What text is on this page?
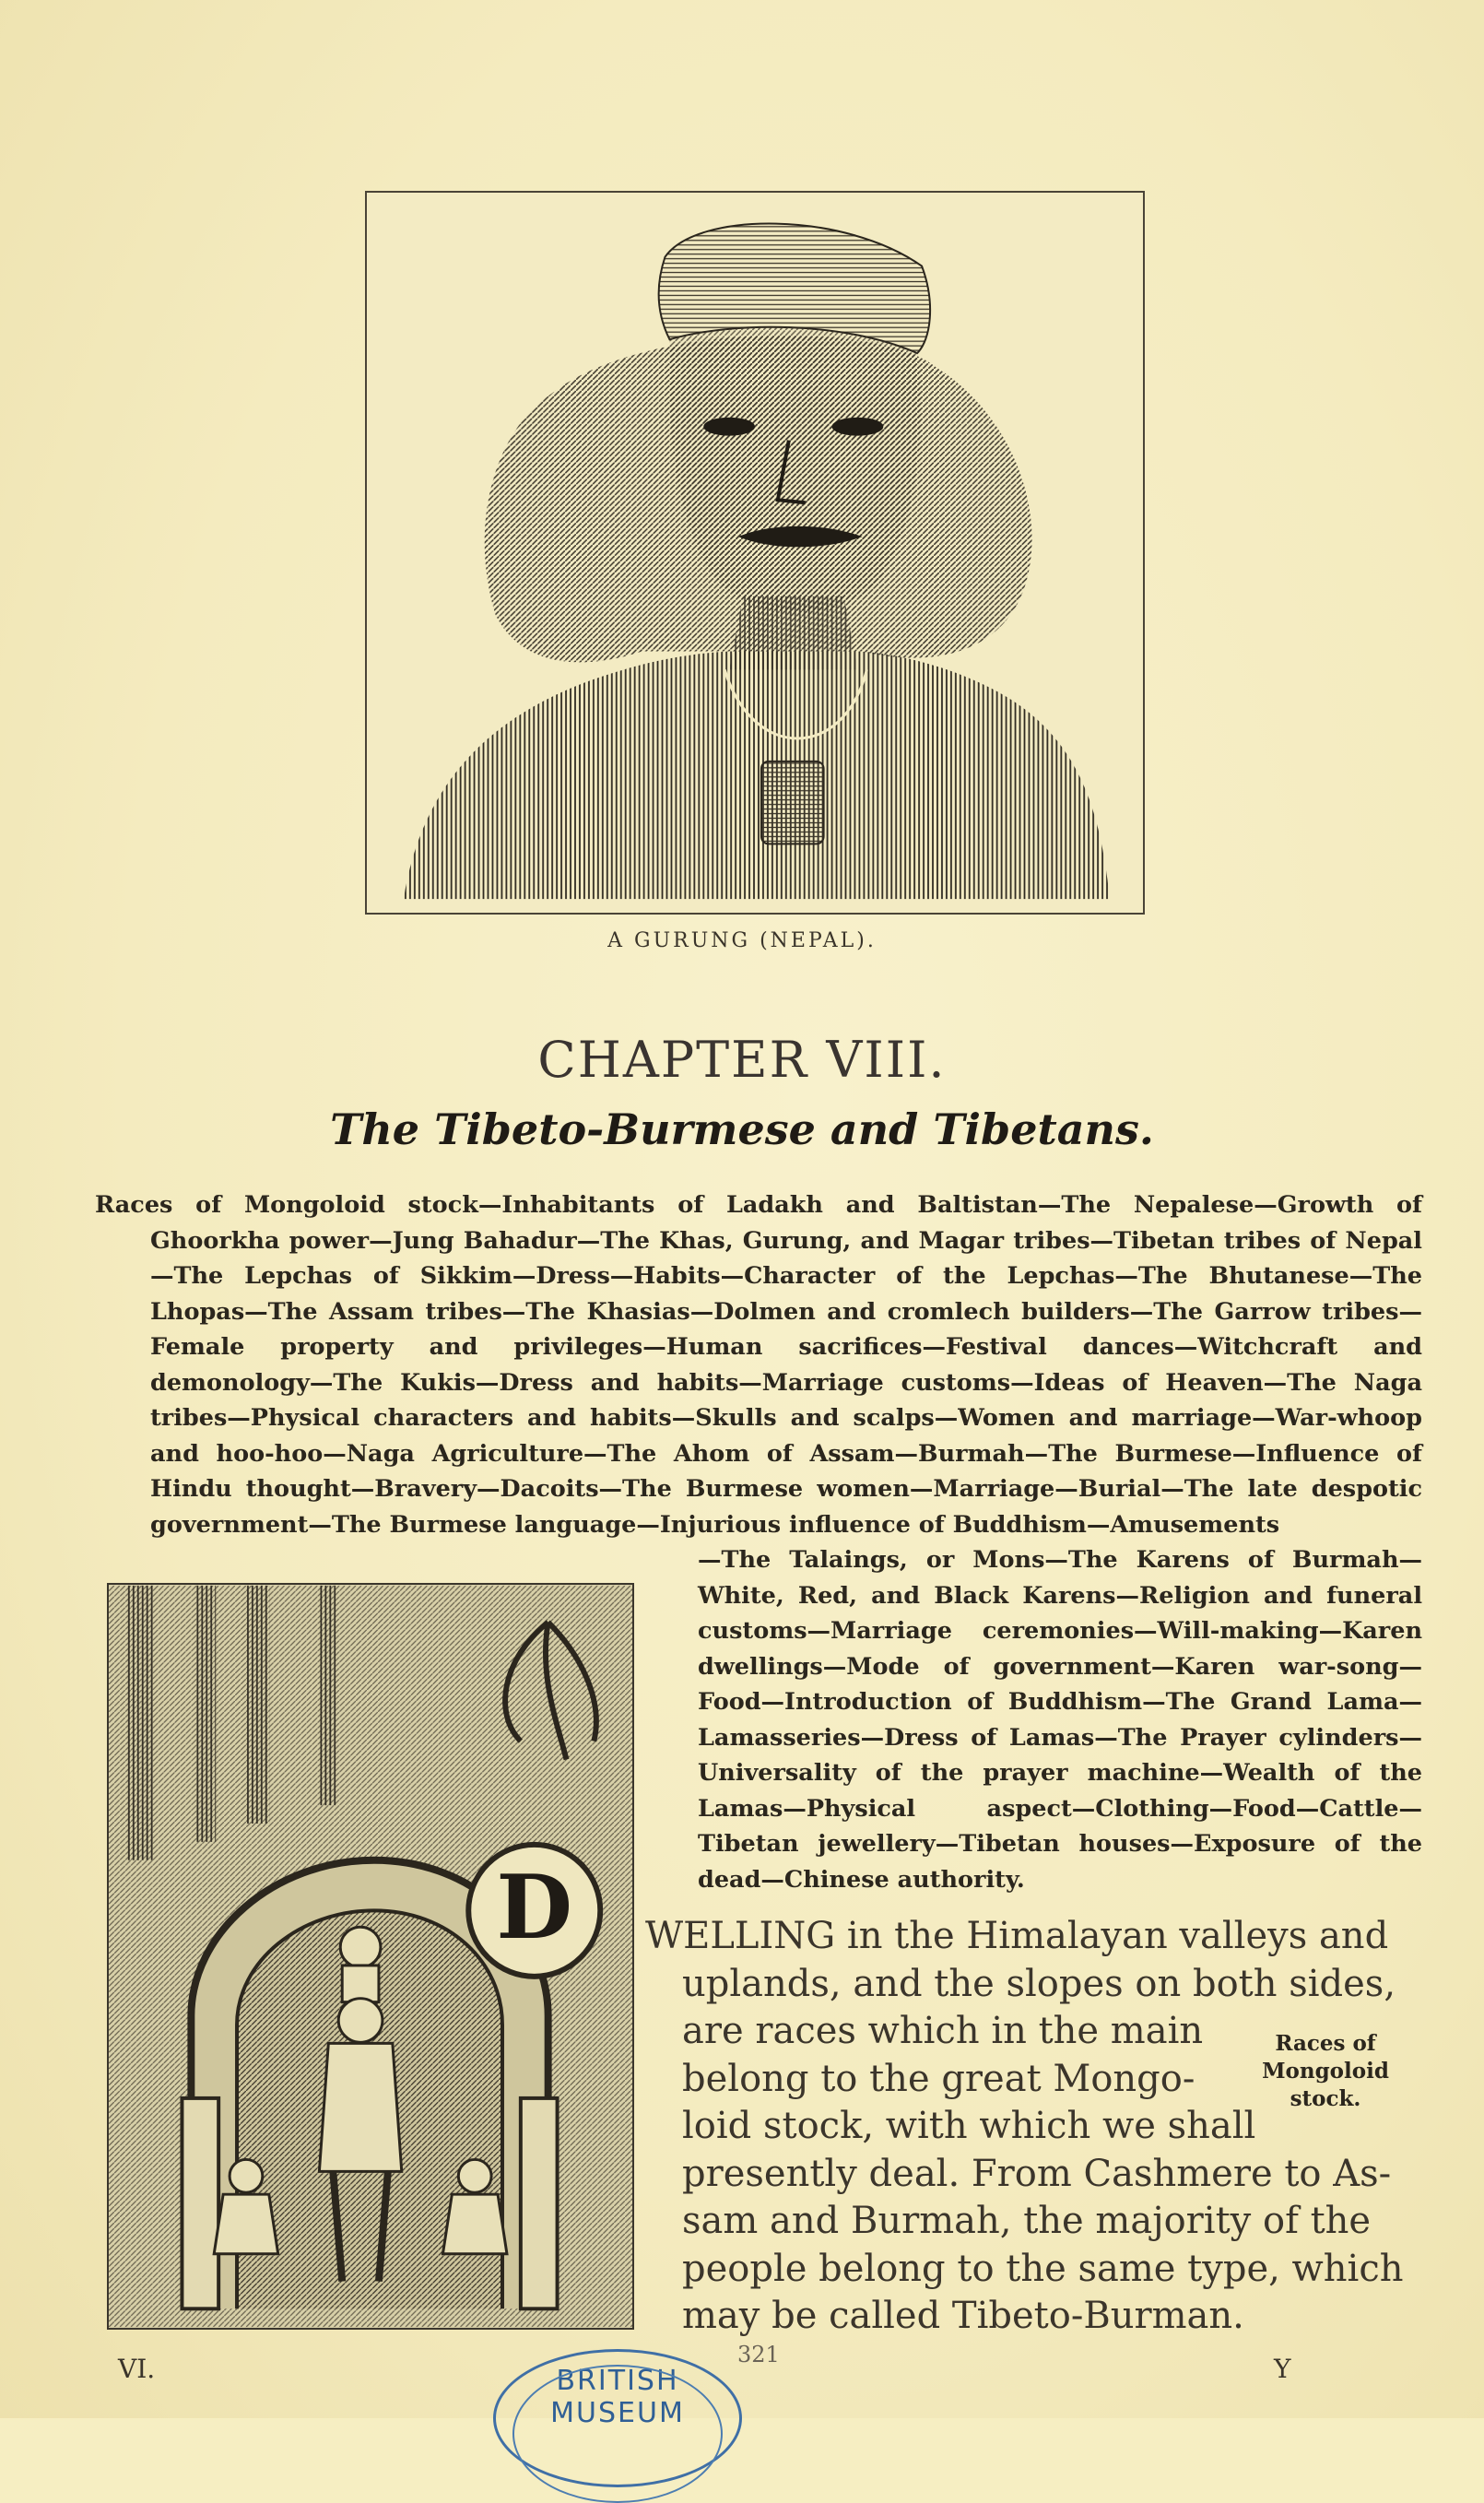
A GURUNG (NEPAL).
CHAPTER VIII.
The Tibeto-Burmese and Tibetans.
Races of Mongoloid stock—Inhabitants of Ladakh and Baltistan—The Nepalese—Growth of Ghoorkha power—Jung Bahadur—The Khas, Gurung, and Magar tribes—Tibetan tribes of Nepal—The Lepchas of Sikkim—Dress—Habits—Character of the Lepchas—The Bhutanese—The Lhopas—The Assam tribes—The Khasias—Dolmen and cromlech builders—The Garrow tribes—Female property and privileges—Human sacrifices—Festival dances—Witchcraft and demonology—The Kukis—Dress and habits—Marriage customs—Ideas of Heaven—The Naga tribes—Physical characters and habits—Skulls and scalps—Women and marriage—War-whoop and hoo-hoo—Naga Agriculture—The Ahom of Assam—Burmah—The Burmese—Influence of Hindu thought—Bravery—Dacoits—The Burmese women—Marriage—Burial—The late despotic government—The Burmese language—Injurious influence of Buddhism—Amusements
—The Talaings, or Mons—The Karens of Burmah—White, Red, and Black Karens—Religion and funeral customs—Marriage ceremonies—Will-making—Karen dwellings—Mode of government—Karen war-song—Food—Introduction of Buddhism—The Grand Lama—Lamasseries—Dress of Lamas—The Prayer cylinders—Universality of the prayer machine—Wealth of the Lamas—Physical aspect—Clothing—Food—Cattle—Tibetan jewellery—Tibetan houses—Exposure of the dead—Chinese authority.
D WELLING in the Himalayan valleys and
uplands, and the slopes on both sides,
are races which in the main
belong to the great Mongo-
loid stock, with which we shall
presently deal. From Cashmere to As-
sam and Burmah, the majority of the
people belong to the same type, which
may be called Tibeto-Burman.
Races of Mongoloid stock.
VI.	321	Y
BRITISH MUSEUM
